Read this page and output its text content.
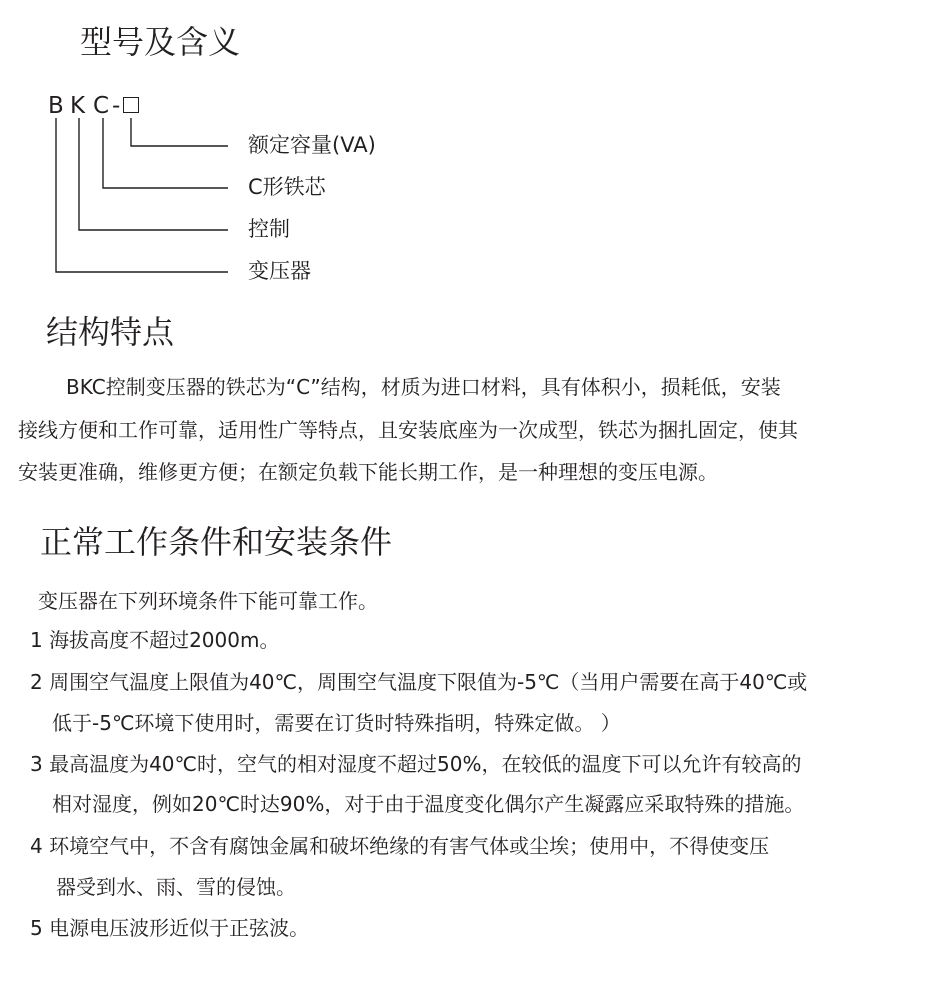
型号及含义
B K C -
额定容量(VA)
C形铁芯
控制
变压器
结构特点
BKC控制变压器的铁芯为“C”结构，材质为进口材料，具有体积小，损耗低，安装
接线方便和工作可靠，适用性广等特点，且安装底座为一次成型，铁芯为捆扎固定，使其
安装更准确，维修更方便；在额定负载下能长期工作，是一种理想的变压电源。
正常工作条件和安装条件
变压器在下列环境条件下能可靠工作。
1 海拔高度不超过2000m。
2 周围空气温度上限值为40℃，周围空气温度下限值为-5℃（当用户需要在高于40℃或
低于-5℃环境下使用时，需要在订货时特殊指明，特殊定做。 ）
3 最高温度为40℃时，空气的相对湿度不超过50%，在较低的温度下可以允许有较高的
相对湿度，例如20℃时达90%，对于由于温度变化偶尔产生凝露应采取特殊的措施。
4 环境空气中，不含有腐蚀金属和破坏绝缘的有害气体或尘埃；使用中，不得使变压
器受到水、雨、雪的侵蚀。
5 电源电压波形近似于正弦波。
